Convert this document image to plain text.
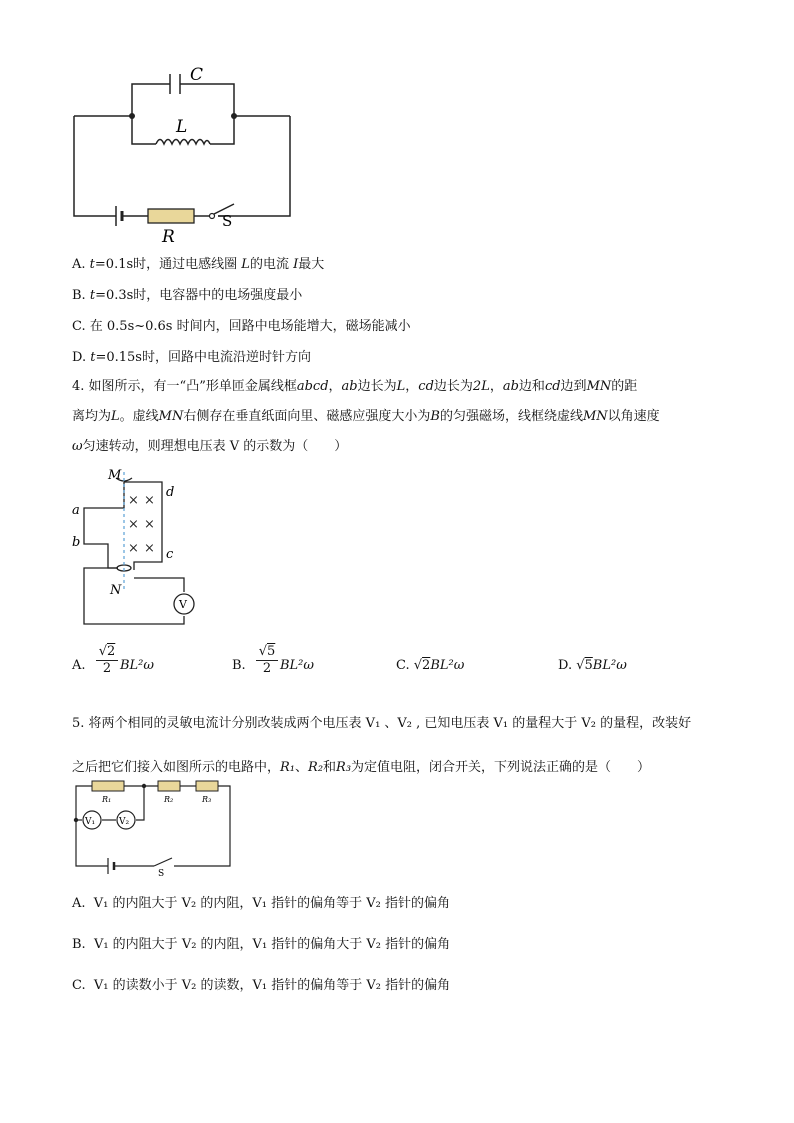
C
L
R
S
A. t=0.1s时，通过电感线圈 L的电流 I最大
B. t=0.3s时，电容器中的电场强度最小
C. 在 0.5s~0.6s 时间内，回路中电场能增大，磁场能减小
D. t=0.15s时，回路中电流沿逆时针方向
4. 如图所示，有一“凸”形单匝金属线框abcd，ab边长为L，cd边长为2L，ab边和cd边到MN的距
离均为L。虚线MN右侧存在垂直纸面向里、磁感应强度大小为B的匀强磁场，线框绕虚线MN以角速度
ω匀速转动，则理想电压表 V 的示数为（　　）
× ×
× ×
× ×
M
N
a
b
c
d
V
A.
√2
2 BL²ω	B.
√5
2 BL²ω	C. √2BL²ω	D. √5BL²ω
5. 将两个相同的灵敏电流计分别改装成两个电压表 V₁ 、V₂ , 已知电压表 V₁ 的量程大于 V₂ 的量程，改装好
之后把它们接入如图所示的电路中，R₁、R₂和R₃为定值电阻，闭合开关，下列说法正确的是（　　）
R₁	R₂	R₃
V₁	V₂
S
A. V₁ 的内阻大于 V₂ 的内阻，V₁ 指针的偏角等于 V₂ 指针的偏角
B. V₁ 的内阻大于 V₂ 的内阻，V₁ 指针的偏角大于 V₂ 指针的偏角
C. V₁ 的读数小于 V₂ 的读数，V₁ 指针的偏角等于 V₂ 指针的偏角
